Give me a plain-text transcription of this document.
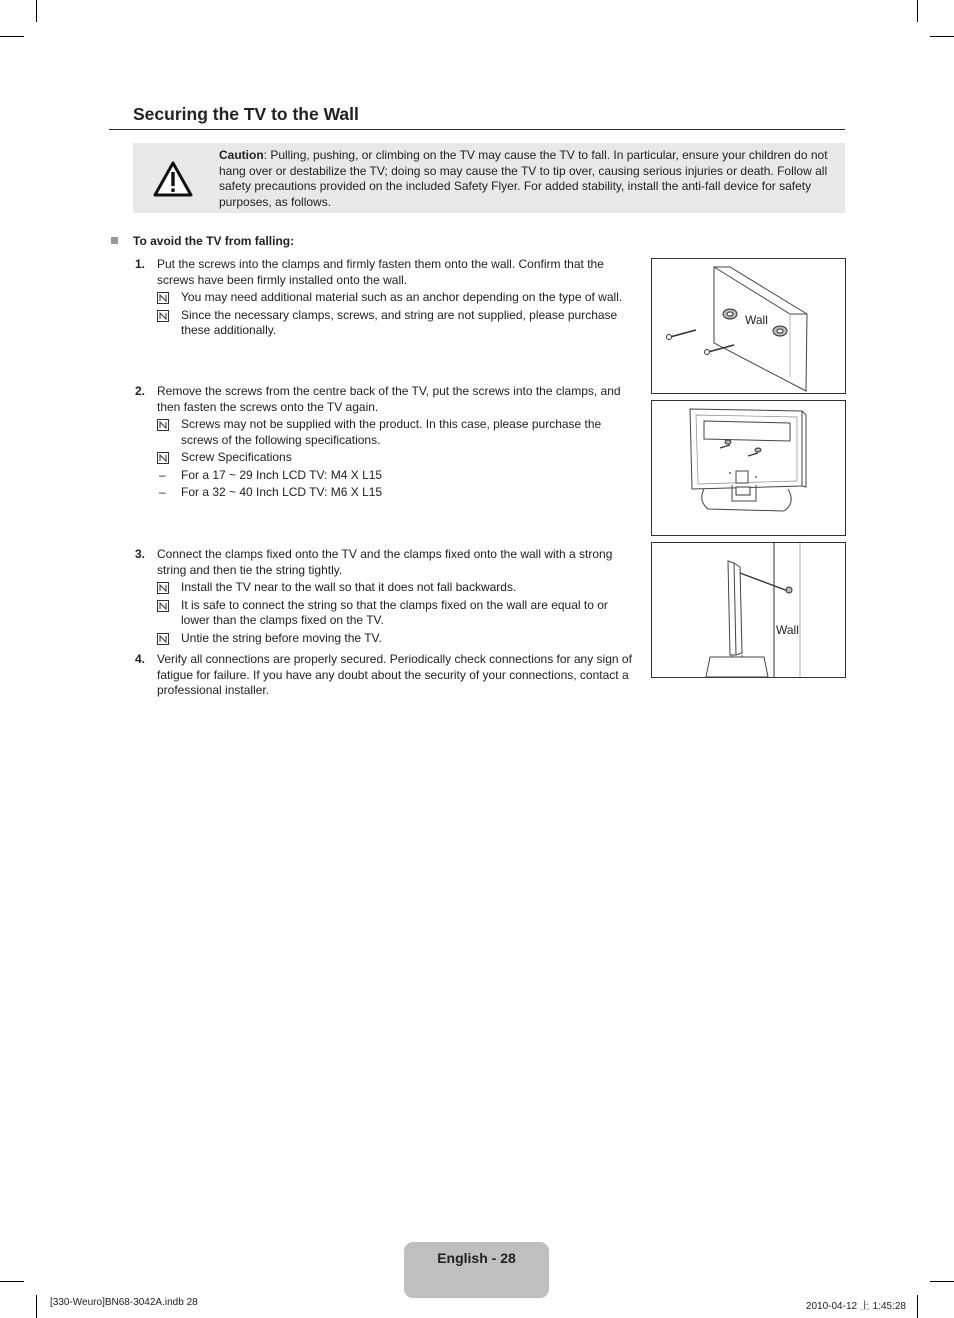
Securing the TV to the Wall
Caution: Pulling, pushing, or climbing on the TV may cause the TV to fall. In particular, ensure your children do not hang over or destabilize the TV; doing so may cause the TV to tip over, causing serious injuries or death. Follow all safety precautions provided on the included Safety Flyer. For added stability, install the anti-fall device for safety purposes, as follows.
To avoid the TV from falling:
1. Put the screws into the clamps and firmly fasten them onto the wall. Confirm that the screws have been firmly installed onto the wall.
You may need additional material such as an anchor depending on the type of wall.
Since the necessary clamps, screws, and string are not supplied, please purchase these additionally.
2. Remove the screws from the centre back of the TV, put the screws into the clamps, and then fasten the screws onto the TV again.
Screws may not be supplied with the product. In this case, please purchase the screws of the following specifications.
Screw Specifications
– For a 17 ~ 29 Inch LCD TV: M4 X L15
– For a 32 ~ 40 Inch LCD TV: M6 X L15
3. Connect the clamps fixed onto the TV and the clamps fixed onto the wall with a strong string and then tie the string tightly.
Install the TV near to the wall so that it does not fall backwards.
It is safe to connect the string so that the clamps fixed on the wall are equal to or lower than the clamps fixed on the TV.
Untie the string before moving the TV.
4. Verify all connections are properly secured. Periodically check connections for any sign of fatigue for failure. If you have any doubt about the security of your connections, contact a professional installer.
Wall
Wall
English - 28
[330-Weuro]BN68-3042A.indb 28	2010-04-12 上 1:45:28
